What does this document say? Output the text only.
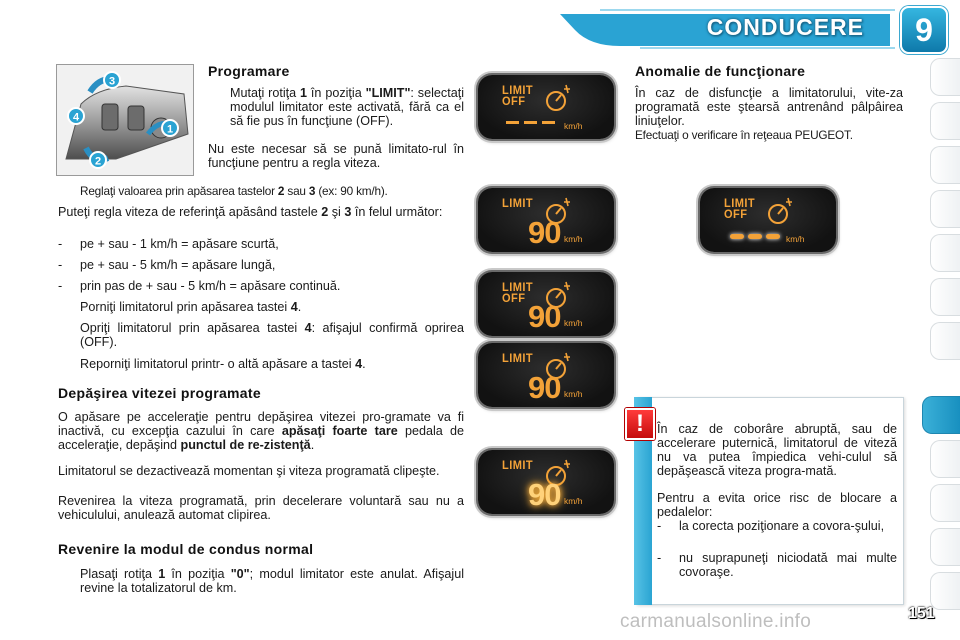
CONDUCERE	9
3
4
1
2
Programare

Mutaţi rotiţa 1 în poziţia "LIMIT": selectaţi modulul limitator este activată, fără ca el să fie pus în funcţiune (OFF).

Nu este necesar să se pună limitato-rul în funcţiune pentru a regla viteza.

Reglaţi valoarea prin apăsarea tastelor 2 sau 3 (ex: 90 km/h).

Puteţi regla viteza de referinţă apăsând tastele 2 şi 3 în felul următor:

- pe + sau - 1 km/h = apăsare scurtă,
- pe + sau - 5 km/h = apăsare lungă,
- prin pas de + sau - 5 km/h = apăsare continuă.

Porniţi limitatorul prin apăsarea tastei 4.

Opriţi limitatorul prin apăsarea tastei 4: afişajul confirmă oprirea (OFF).

Reporniţi limitatorul printr- o altă apăsare a tastei 4.

Depăşirea vitezei programate

O apăsare pe acceleraţie pentru depăşirea vitezei pro-gramate va fi inactivă, cu excepţia cazului în care apăsaţi foarte tare pedala de acceleraţie, depăşind punctul de re-zistenţă.

Limitatorul se dezactivează momentan şi viteza programată clipeşte.

Revenirea la viteza programată, prin decelerare voluntară sau nu a vehiculului, anulează automat clipirea.

Revenire la modul de condus normal

Plasaţi rotiţa 1 în poziţia "0"; modul limitator este anulat. Afişajul revine la totalizatorul de km.

LIMIT
OFF
km/h
LIMIT
90 km/h
LIMIT
OFF
90 km/h
LIMIT
90 km/h
LIMIT
90 km/h
LIMIT
OFF
km/h
Anomalie de funcţionare

În caz de disfuncţie a limitatorului, vite-za programată este ştearsă antrenând pâlpâirea liniuţelor.

Efectuaţi o verificare în reţeaua PEUGEOT.

!	În caz de coborâre abruptă, sau de accelerare puternică, limitatorul de viteză nu va putea împiedica vehi-culul să depăşească viteza progra-mată.

Pentru a evita orice risc de blocare a pedalelor:

- la corecta poziţionare a covora-şului,
- nu suprapuneţi niciodată mai multe covoraşe.
carmanualsonline.info	151
